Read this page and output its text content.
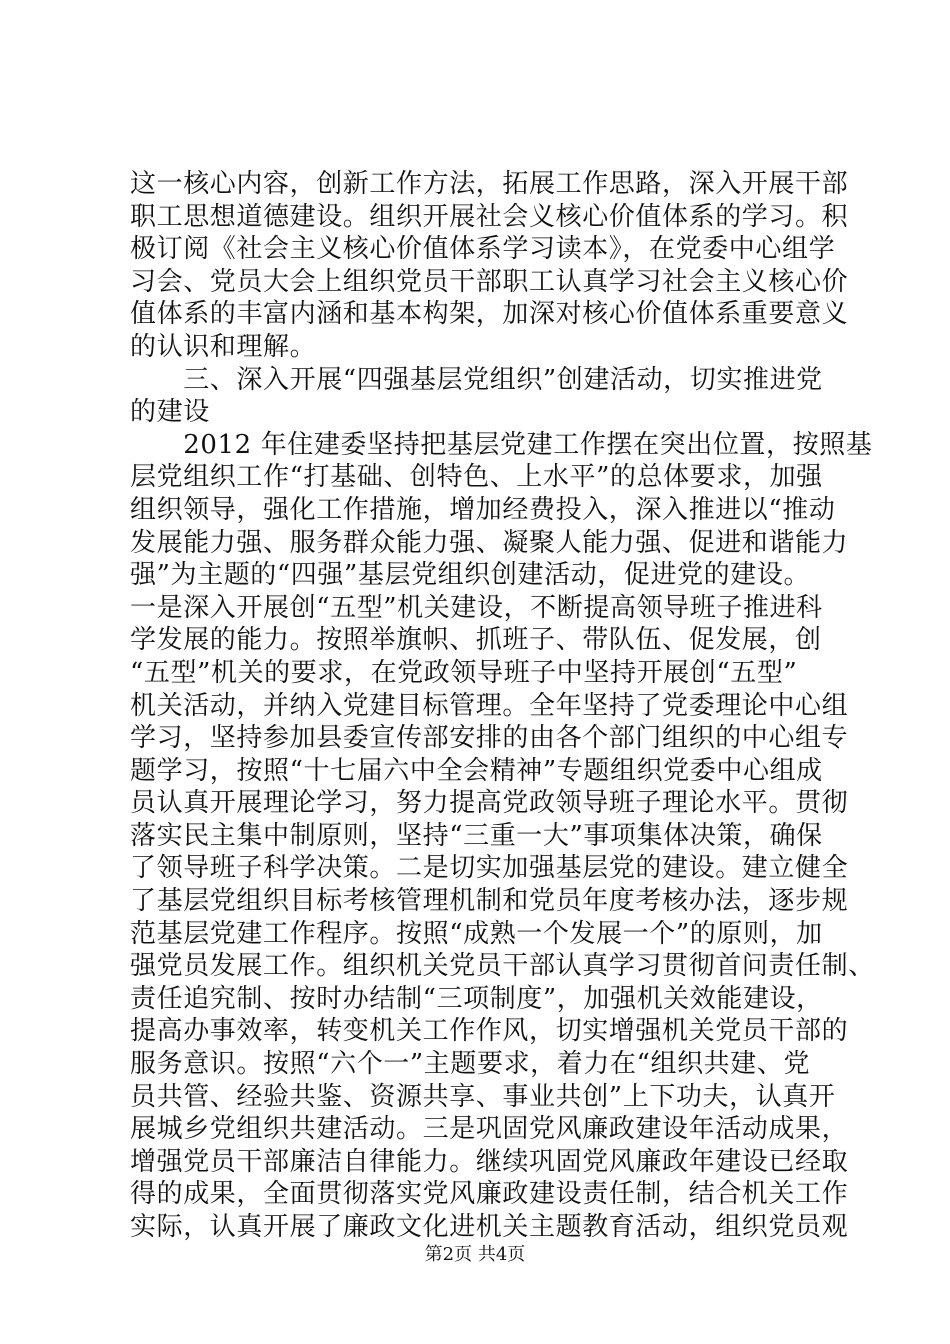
这一核心内容，创新工作方法，拓展工作思路，深入开展干部
职工思想道德建设。组织开展社会义核心价值体系的学习。积
极订阅《社会主义核心价值体系学习读本》，在党委中心组学
习会、党员大会上组织党员干部职工认真学习社会主义核心价
值体系的丰富内涵和基本构架，加深对核心价值体系重要意义
的认识和理解。
　　三、深入开展“四强基层党组织”创建活动，切实推进党
的建设
　　2012 年住建委坚持把基层党建工作摆在突出位置，按照基
层党组织工作“打基础、创特色、上水平”的总体要求，加强
组织领导，强化工作措施，增加经费投入，深入推进以“推动
发展能力强、服务群众能力强、凝聚人能力强、促进和谐能力
强”为主题的“四强”基层党组织创建活动，促进党的建设。
一是深入开展创“五型”机关建设，不断提高领导班子推进科
学发展的能力。按照举旗帜、抓班子、带队伍、促发展，创
“五型”机关的要求，在党政领导班子中坚持开展创“五型”
机关活动，并纳入党建目标管理。全年坚持了党委理论中心组
学习，坚持参加县委宣传部安排的由各个部门组织的中心组专
题学习，按照“十七届六中全会精神”专题组织党委中心组成
员认真开展理论学习，努力提高党政领导班子理论水平。贯彻
落实民主集中制原则，坚持“三重一大”事项集体决策，确保
了领导班子科学决策。二是切实加强基层党的建设。建立健全
了基层党组织目标考核管理机制和党员年度考核办法，逐步规
范基层党建工作程序。按照“成熟一个发展一个”的原则，加
强党员发展工作。组织机关党员干部认真学习贯彻首问责任制、
责任追究制、按时办结制“三项制度”，加强机关效能建设，
提高办事效率，转变机关工作作风，切实增强机关党员干部的
服务意识。按照“六个一”主题要求，着力在“组织共建、党
员共管、经验共鉴、资源共享、事业共创”上下功夫，认真开
展城乡党组织共建活动。三是巩固党风廉政建设年活动成果，
增强党员干部廉洁自律能力。继续巩固党风廉政年建设已经取
得的成果，全面贯彻落实党风廉政建设责任制，结合机关工作
实际，认真开展了廉政文化进机关主题教育活动，组织党员观
第2页 共4页
